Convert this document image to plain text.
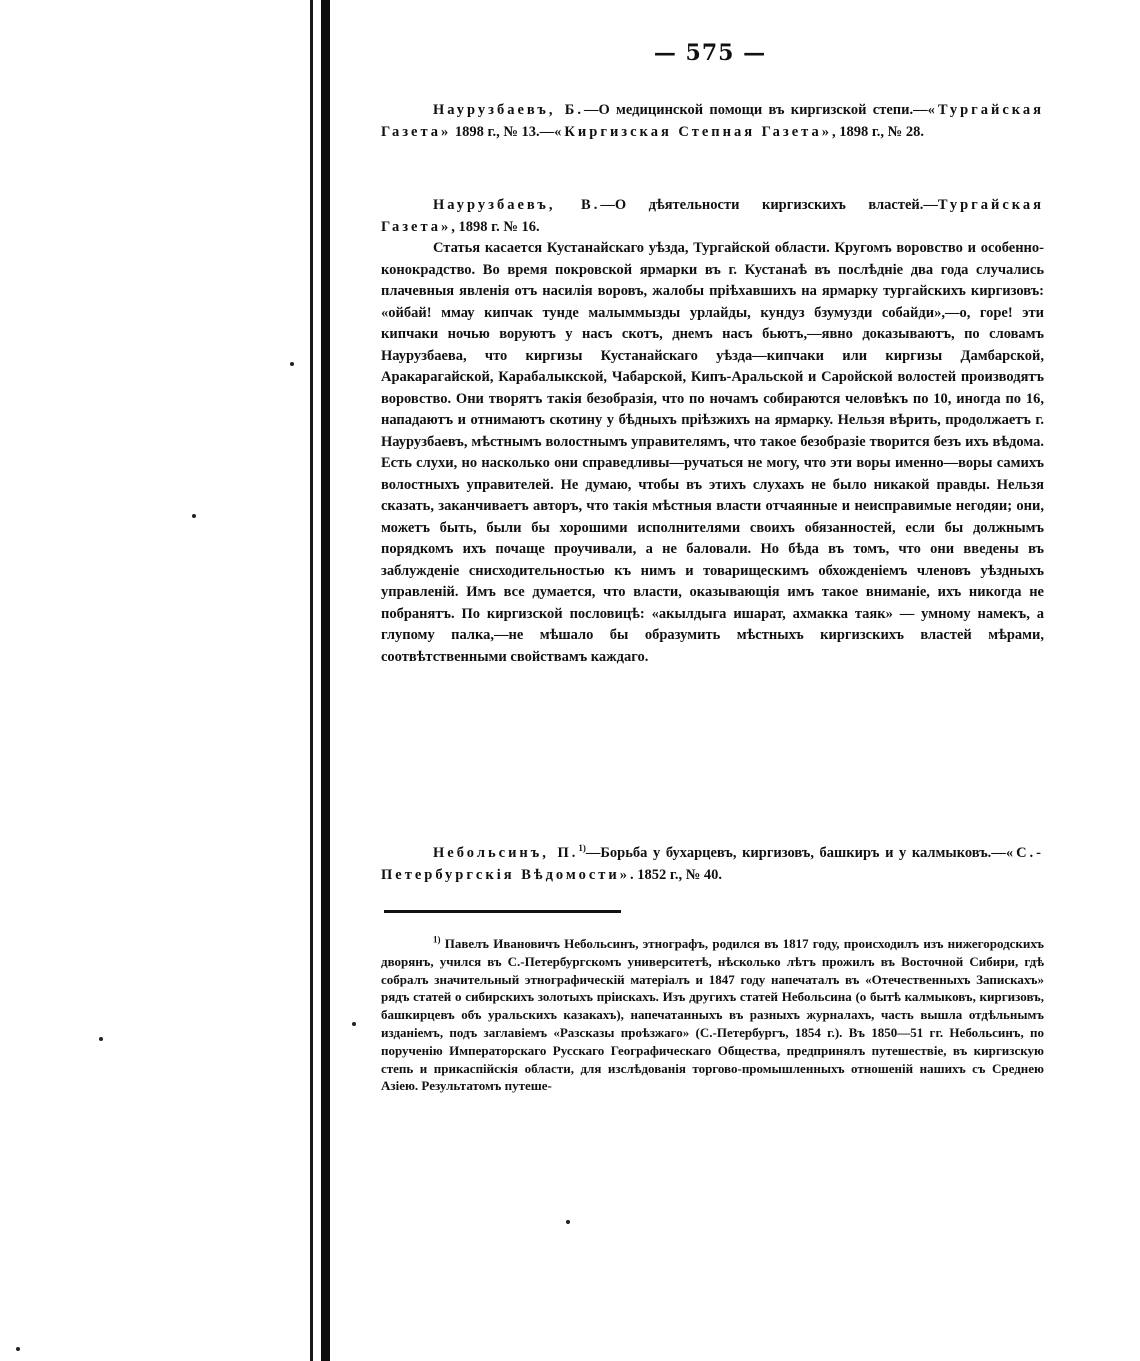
— 575 —

Наурузбаевъ, Б.—О медицинской помощи въ киргизской степи.—«Тургайская Газета» 1898 г., № 13.—«Киргизская Степная Газета», 1898 г., № 28.

Наурузбаевъ, В.—О дѣятельности киргизскихъ властей.—Тургайская Газета», 1898 г. № 16.

Статья касается Кустанайскаго уѣзда, Тургайской области. Кругомъ воровство и особенно-конокрадство. Во время покровской ярмарки въ г. Кустанаѣ въ послѣдніе два года случались плачевныя явленія отъ насилія воровъ, жалобы пріѣхавшихъ на ярмарку тургайскихъ киргизовъ: «ойбай! ммау кипчак тунде малыммызды урлайды, кундуз бзумузди собайди»,—о, горе! эти кипчаки ночью воруютъ у насъ скотъ, днемъ насъ бьютъ,—явно доказываютъ, по словамъ Наурузбаева, что киргизы Кустанайскаго уѣзда—кипчаки или киргизы Дамбарской, Аракарагайской, Карабалыкской, Чабарской, Кипъ-Аральской и Саройской волостей производятъ воровство. Они творятъ такія безобразія, что по ночамъ собираются человѣкъ по 10, иногда по 16, нападаютъ и отнимаютъ скотину у бѣдныхъ пріѣзжихъ на ярмарку. Нельзя вѣрить, продолжаетъ г. Наурузбаевъ, мѣстнымъ волостнымъ управителямъ, что такое безобразіе творится безъ ихъ вѣдома. Есть слухи, но насколько они справедливы—ручаться не могу, что эти воры именно—воры самихъ волостныхъ управителей. Не думаю, чтобы въ этихъ слухахъ не было никакой правды. Нельзя сказать, заканчиваетъ авторъ, что такія мѣстныя власти отчаянные и неисправимые негодяи; они, можетъ быть, были бы хорошими исполнителями своихъ обязанностей, если бы должнымъ порядкомъ ихъ почаще проучивали, а не баловали. Но бѣда въ томъ, что они введены въ заблужденіе снисходительностью къ нимъ и товарищескимъ обхожденіемъ членовъ уѣздныхъ управленій. Имъ все думается, что власти, оказывающія имъ такое вниманіе, ихъ никогда не побранятъ. По киргизской пословицѣ: «акылдыга ишарат, ахмакка таяк» — умному намекъ, а глупому палка,—не мѣшало бы образумить мѣстныхъ киргизскихъ властей мѣрами, соотвѣтственными свойствамъ каждаго.

Небольсинъ, П.$^{1)}$—Борьба у бухарцевъ, киргизовъ, башкиръ и у калмыковъ.—«С.-Петербургскія Вѣдомости». 1852 г., № 40.

$^{1)}$ Павелъ Ивановичъ Небольсинъ, этнографъ, родился въ 1817 году, происходилъ изъ нижегородскихъ дворянъ, учился въ С.-Петербургскомъ университетѣ, нѣсколько лѣтъ прожилъ въ Восточной Сибири, гдѣ собралъ значительный этнографическій матеріалъ и 1847 году напечаталъ въ «Отечественныхъ Запискахъ» рядъ статей о сибирскихъ золотыхъ пріискахъ. Изъ другихъ статей Небольсина (о бытѣ калмыковъ, киргизовъ, башкирцевъ объ уральскихъ казакахъ), напечатанныхъ въ разныхъ журналахъ, часть вышла отдѣльнымъ изданіемъ, подъ заглавіемъ «Разсказы проѣзжаго» (С.-Петербургъ, 1854 г.). Въ 1850—51 гг. Небольсинъ, по порученію Императорскаго Русскаго Географическаго Общества, предпринялъ путешествіе, въ киргизскую степь и прикаспійскія области, для изслѣдованія торгово-промышленныхъ отношеній нашихъ съ Среднею Азіею. Результатомъ путеше-
